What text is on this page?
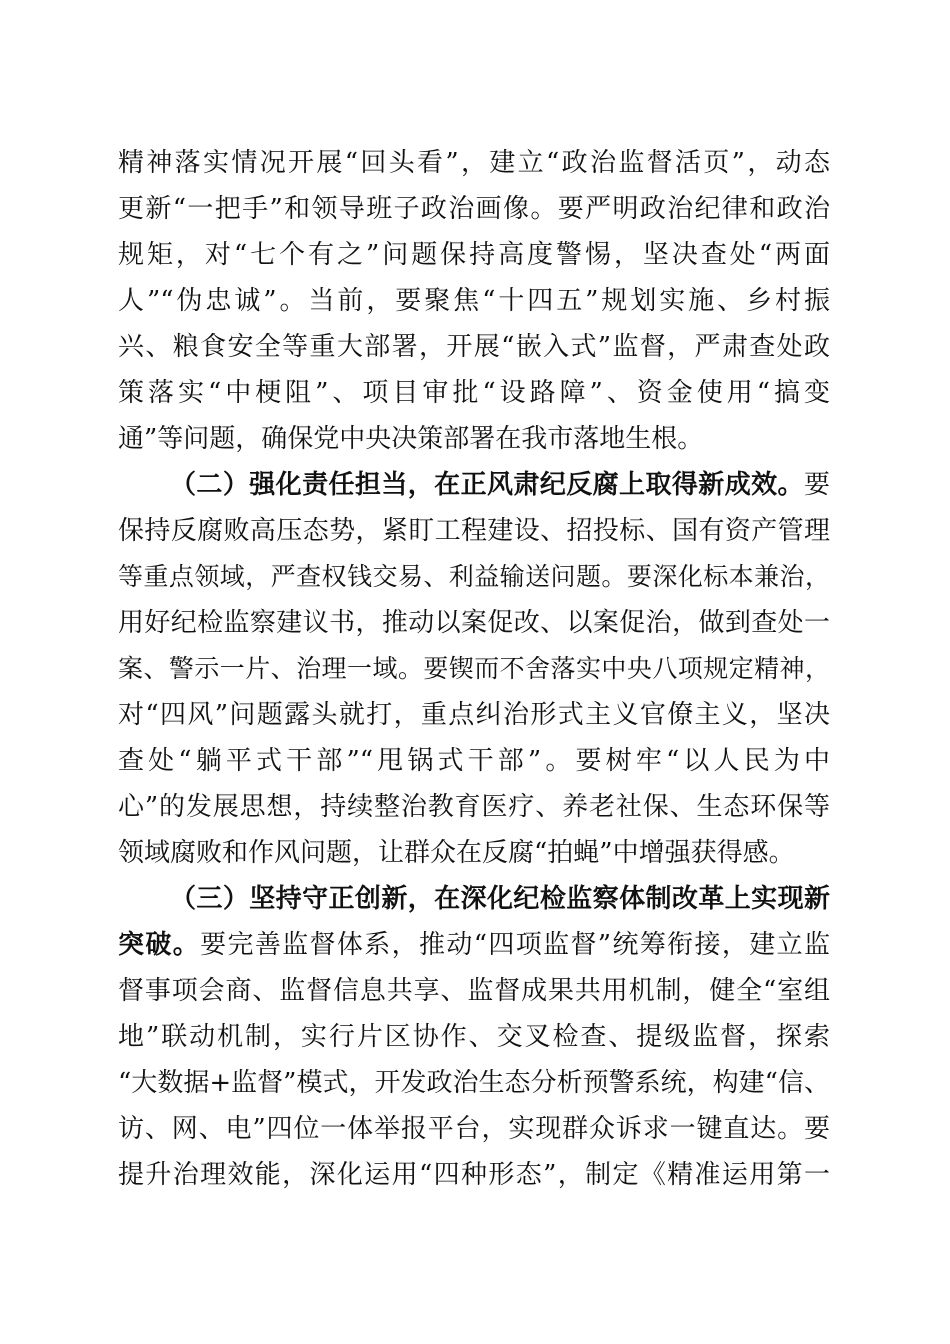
精神落实情况开展“回头看”，建立“政治监督活页”，动态
更新“一把手”和领导班子政治画像。要严明政治纪律和政治
规矩，对“七个有之”问题保持高度警惕，坚决查处“两面
人”“伪忠诚”。当前，要聚焦“十四五”规划实施、乡村振
兴、粮食安全等重大部署，开展“嵌入式”监督，严肃查处政
策落实“中梗阻”、项目审批“设路障”、资金使用“搞变
通”等问题，确保党中央决策部署在我市落地生根。
（二）强化责任担当，在正风肃纪反腐上取得新成效。要
保持反腐败高压态势，紧盯工程建设、招投标、国有资产管理
等重点领域，严查权钱交易、利益输送问题。要深化标本兼治，
用好纪检监察建议书，推动以案促改、以案促治，做到查处一
案、警示一片、治理一域。要锲而不舍落实中央八项规定精神，
对“四风”问题露头就打，重点纠治形式主义官僚主义，坚决
查处“躺平式干部”“甩锅式干部”。要树牢“以人民为中
心”的发展思想，持续整治教育医疗、养老社保、生态环保等
领域腐败和作风问题，让群众在反腐“拍蝇”中增强获得感。
（三）坚持守正创新，在深化纪检监察体制改革上实现新
突破。要完善监督体系，推动“四项监督”统筹衔接，建立监
督事项会商、监督信息共享、监督成果共用机制，健全“室组
地”联动机制，实行片区协作、交叉检查、提级监督，探索
“大数据+监督”模式，开发政治生态分析预警系统，构建“信、
访、网、电”四位一体举报平台，实现群众诉求一键直达。要
提升治理效能，深化运用“四种形态”，制定《精准运用第一
